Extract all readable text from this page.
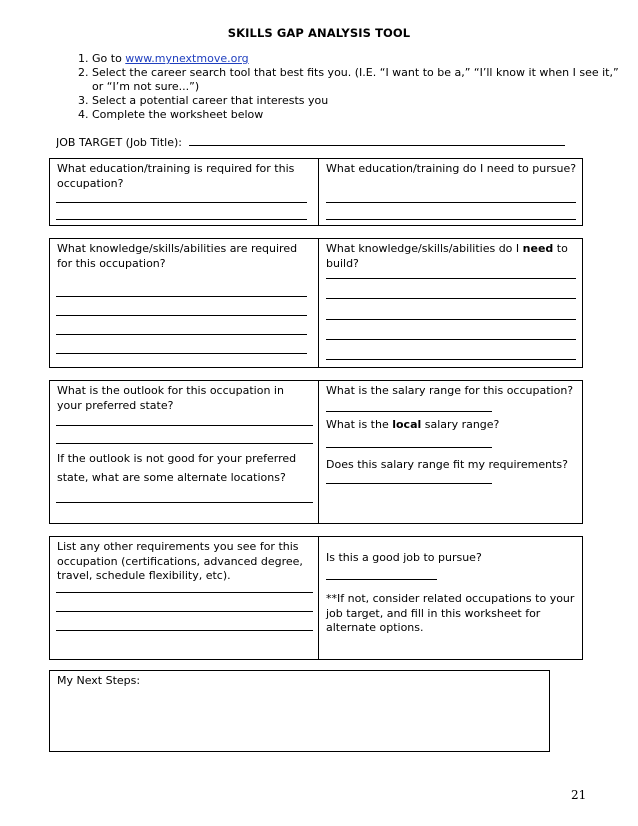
SKILLS GAP ANALYSIS TOOL
1. Go to www.mynextmove.org
2. Select the career search tool that best fits you. (I.E. “I want to be a,” “I’ll know it when I see it,” or “I’m not sure...”)
3. Select a potential career that interests you
4. Complete the worksheet below
JOB TARGET (Job Title):

What education/training is required for this occupation?

What education/training do I need to pursue?

What knowledge/skills/abilities are required for this occupation?

What knowledge/skills/abilities do I need to build?

What is the outlook for this occupation in your preferred state?

If the outlook is not good for your preferred
state, what are some alternate locations?
What is the salary range for this occupation?
What is the local salary range?
Does this salary range fit my requirements?

List any other requirements you see for this occupation (certifications, advanced degree, travel, schedule flexibility, etc).

Is this a good job to pursue?
**If not, consider related occupations to your job target, and fill in this worksheet for alternate options.
My Next Steps:
21
